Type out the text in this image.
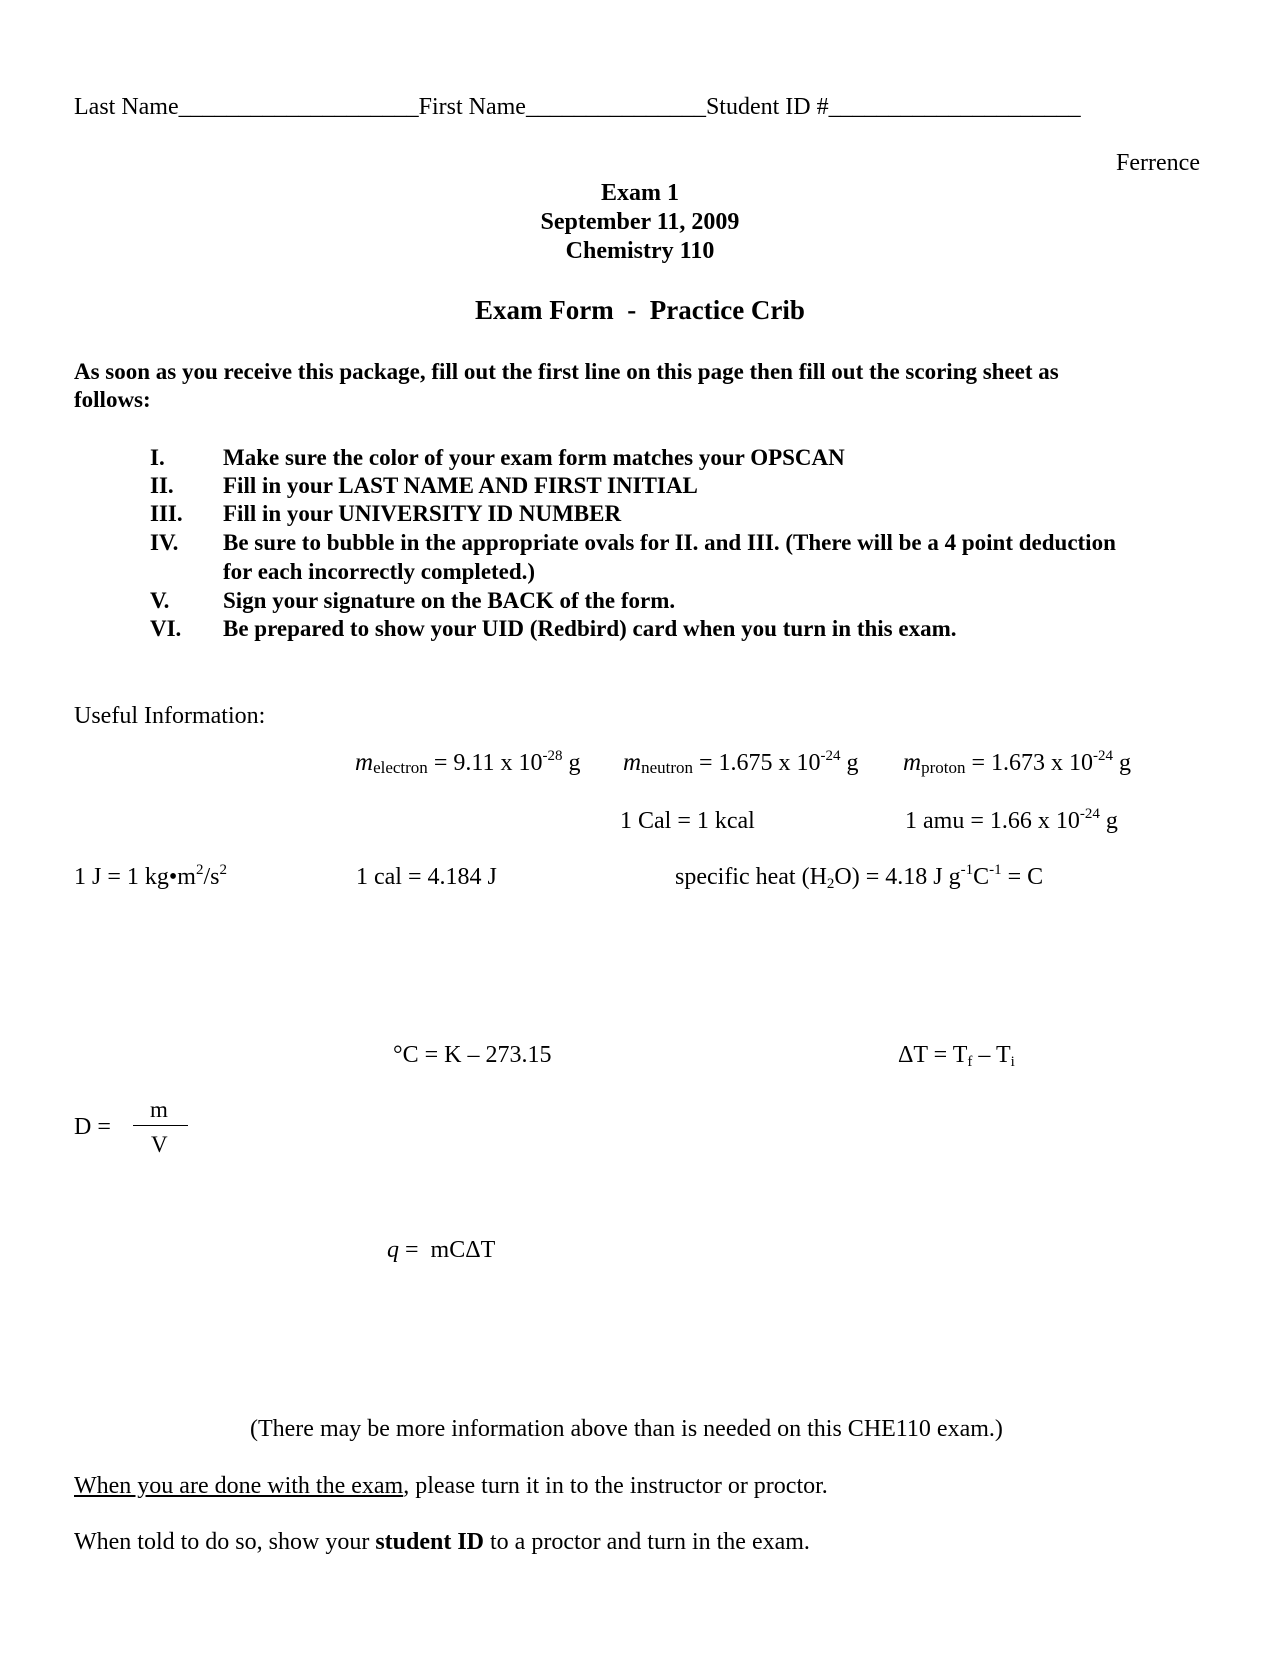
Last Name____________________First Name_______________Student ID #_____________________
Ferrence
Exam 1
September 11, 2009
Chemistry 110
Exam Form  -  Practice Crib
As soon as you receive this package, fill out the first line on this page then fill out the scoring sheet as
follows:
I.	Make sure the color of your exam form matches your OPSCAN
II.	Fill in your LAST NAME AND FIRST INITIAL
III.	Fill in your UNIVERSITY ID NUMBER
IV.	Be sure to bubble in the appropriate ovals for II. and III. (There will be a 4 point deduction
for each incorrectly completed.)
V.	Sign your signature on the BACK of the form.
VI.	Be prepared to show your UID (Redbird) card when you turn in this exam.
Useful Information:
melectron = 9.11 x $10^{-28}$ g mneutron = 1.675 x $10^{-24}$ g mproton = 1.673 x $10^{-24}$ g
1 Cal = 1 kcal	1 amu = 1.66 x $10^{-24}$ g
1 J = 1 $kg•m^2/s^2$	1 cal = 4.184 J	specific heat $(H_2O) = 4.18$ J $g^{-1}C^{-1} = C$
°C = K – 273.15	$\Delta T = T_f - T_i$
D =
m
V

q =  mCΔT

(There may be more information above than is needed on this CHE110 exam.)
When you are done with the exam, please turn it in to the instructor or proctor.
When told to do so, show your student ID to a proctor and turn in the exam.
